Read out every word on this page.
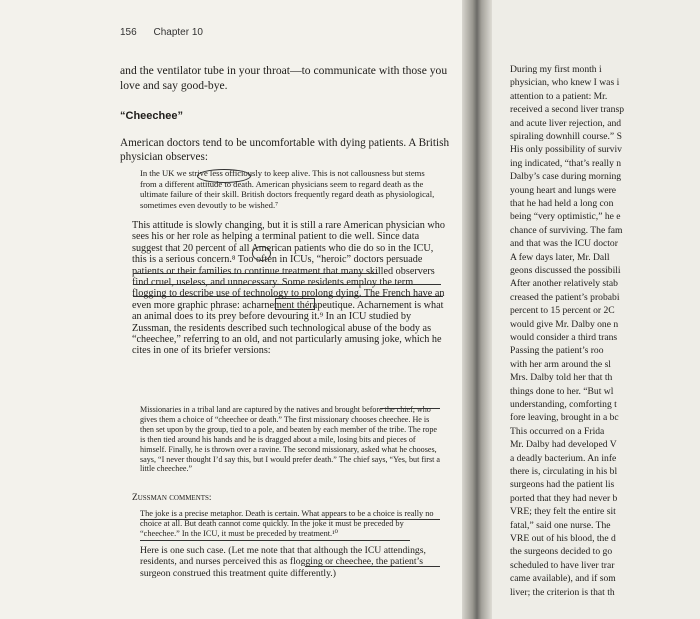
During my first month i
physician, who knew I was i
attention to a patient: Mr.
received a second liver transp
and acute liver rejection, and
spiraling downhill course.” S
His only possibility of surviv
ing indicated, “that’s really n
Dalby’s case during morning
young heart and lungs were
that he had held a long con
being “very optimistic,” he e
chance of surviving. The fam
and that was the ICU doctor
A few days later, Mr. Dall
geons discussed the possibili
After another relatively stab
creased the patient’s probabi
percent to 15 percent or 2C
would give Mr. Dalby one n
would consider a third trans
Passing the patient’s roo
with her arm around the sl
Mrs. Dalby told her that th
things done to her. “But wl
understanding, comforting t
fore leaving, brought in a bc
This occurred on a Frida
Mr. Dalby had developed V
a deadly bacterium. An infe
there is, circulating in his bl
surgeons had the patient lis
ported that they had never b
VRE; they felt the entire sit
fatal,” said one nurse. The
VRE out of his blood, the d
the surgeons decided to go
scheduled to have liver trar
came available), and if som
liver; the criterion is that th
156 Chapter 10

and the ventilator tube in your throat—to communicate with those you love and say good-bye.

“Cheechee”

American doctors tend to be uncomfortable with dying patients. A British physician observes:

In the UK we strive less officiously to keep alive. This is not callousness but stems from a different attitude to death. American physicians seem to regard death as the ultimate failure of their skill. British doctors frequently regard death as physiological, sometimes even devoutly to be wished.⁷

This attitude is slowly changing, but it is still a rare American physician who sees his or her role as helping a terminal patient to die well. Since data suggest that 20 percent of all American patients who die do so in the ICU, this is a serious concern.⁸ Too often in ICUs, “heroic” doctors persuade patients or their families to continue treatment that many skilled observers find cruel, useless, and unnecessary. Some residents employ the term flogging to describe use of technology to prolong dying. The French have an even more graphic phrase: acharnement thérapeutique. Acharnement is what an animal does to its prey before devouring it.⁹ In an ICU studied by Zussman, the residents described such technological abuse of the body as “cheechee,” referring to an old, and not particularly amusing joke, which he cites in one of its briefer versions:

Missionaries in a tribal land are captured by the natives and brought before the chief, who gives them a choice of “cheechee or death.” The first missionary chooses cheechee. He is then set upon by the group, tied to a pole, and beaten by each member of the tribe. The rope is then tied around his hands and he is dragged about a mile, losing bits and pieces of himself. Finally, he is thrown over a ravine. The second missionary, asked what he chooses, says, “I never thought I’d say this, but I would prefer death.” The chief says, “Yes, but first a little cheechee.”

Zussman comments:

The joke is a precise metaphor. Death is certain. What appears to be a choice is really no choice at all. But death cannot come quickly. In the joke it must be preceded by “cheechee.” In the ICU, it must be preceded by treatment.¹⁰

Here is one such case. (Let me note that that although the ICU attendings, residents, and nurses perceived this as flogging or cheechee, the patient’s surgeon construed this treatment quite differently.)
